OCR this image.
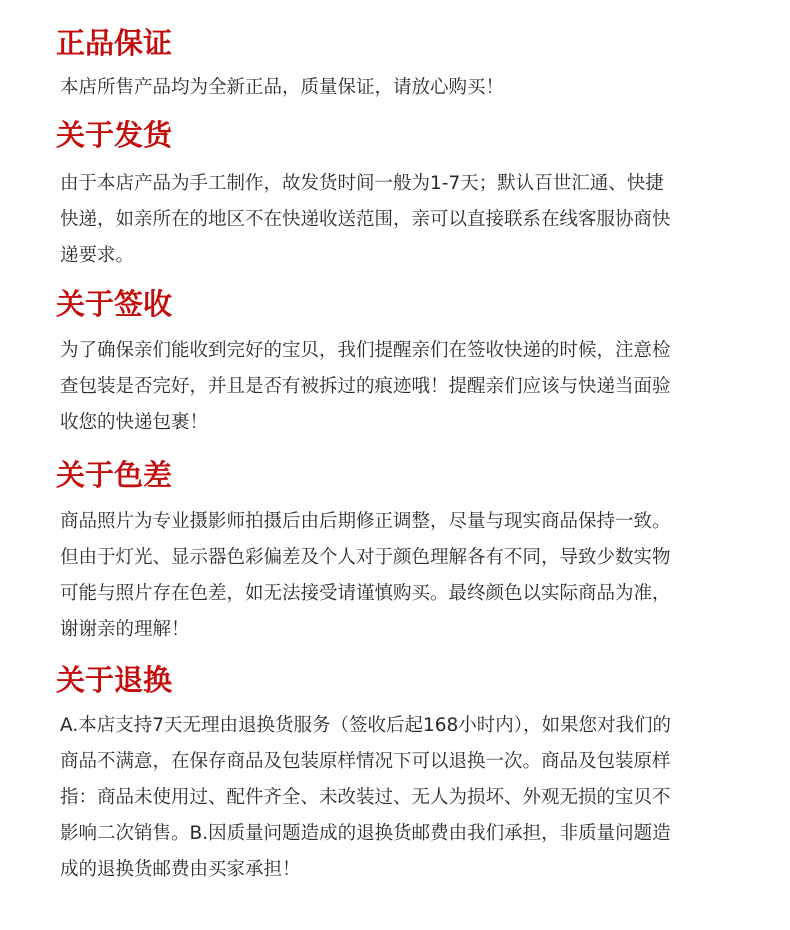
正品保证
本店所售产品均为全新正品，质量保证，请放心购买！
关于发货
由于本店产品为手工制作，故发货时间一般为1-7天；默认百世汇通、快捷
快递，如亲所在的地区不在快递收送范围，亲可以直接联系在线客服协商快
递要求。
关于签收
为了确保亲们能收到完好的宝贝，我们提醒亲们在签收快递的时候，注意检
查包装是否完好，并且是否有被拆过的痕迹哦！提醒亲们应该与快递当面验
收您的快递包裹！
关于色差
商品照片为专业摄影师拍摄后由后期修正调整，尽量与现实商品保持一致。
但由于灯光、显示器色彩偏差及个人对于颜色理解各有不同，导致少数实物
可能与照片存在色差，如无法接受请谨慎购买。最终颜色以实际商品为准，
谢谢亲的理解！
关于退换
A.本店支持7天无理由退换货服务（签收后起168小时内），如果您对我们的
商品不满意，在保存商品及包装原样情况下可以退换一次。商品及包装原样
指：商品未使用过、配件齐全、未改装过、无人为损坏、外观无损的宝贝不
影响二次销售。B.因质量问题造成的退换货邮费由我们承担，非质量问题造
成的退换货邮费由买家承担！
